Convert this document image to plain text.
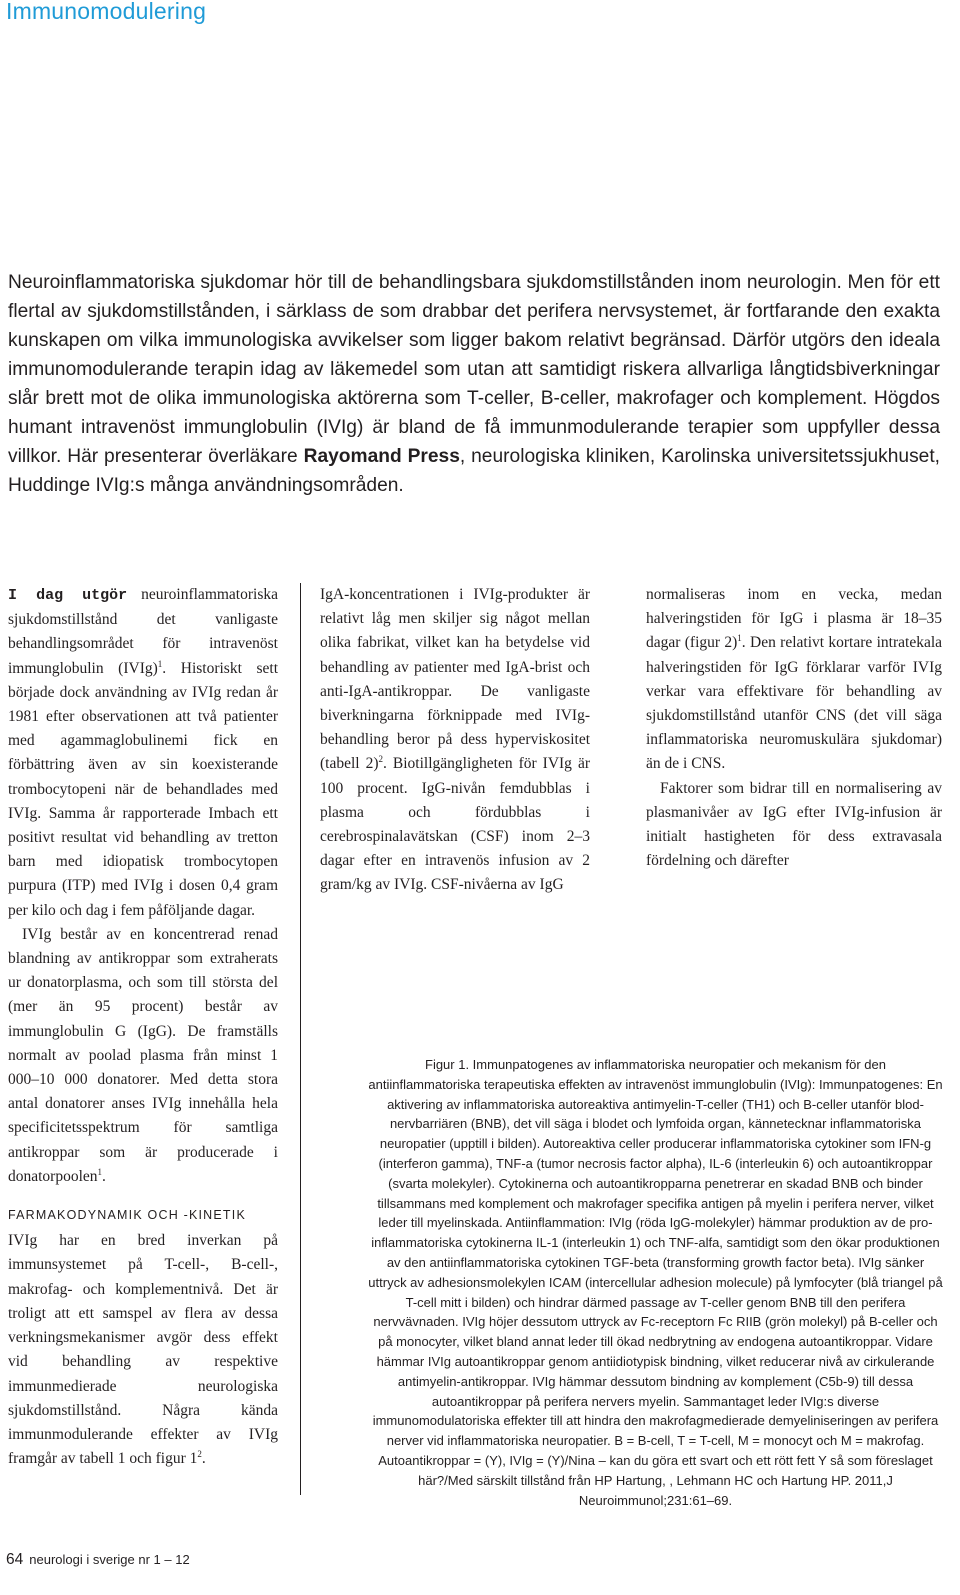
Immunomodulering

Neuroinflammatoriska sjukdomar hör till de behandlingsbara sjukdomstillstånden inom neurologin. Men för ett flertal av sjukdomstillstånden, i särklass de som drabbar det perifera nervsystemet, är fortfarande den exakta kunskapen om vilka immunologiska avvikelser som ligger bakom relativt begränsad. Därför utgörs den ideala immunomodulerande terapin idag av läkemedel som utan att samtidigt riskera allvarliga långtidsbiverkningar slår brett mot de olika immunologiska aktörerna som T-celler, B-celler, makrofager och komplement. Högdos humant intravenöst immunglobulin (IVIg) är bland de få immunmodulerande terapier som uppfyller dessa villkor. Här presenterar överläkare Rayomand Press, neurologiska kliniken, Karolinska universitetssjukhuset, Huddinge IVIg:s många användningsområden.

I dag utgör neuroinflammatoriska sjukdomstillstånd det vanligaste behandlingsområdet för intravenöst immunglobulin (IVIg)$^1$. Historiskt sett började dock användning av IVIg redan år 1981 efter observationen att två patienter med agammaglobulinemi fick en förbättring även av sin koexisterande trombocytopeni när de behandlades med IVIg. Samma år rapporterade Imbach ett positivt resultat vid behandling av tretton barn med idiopatisk trombocytopen purpura (ITP) med IVIg i dosen 0,4 gram per kilo och dag i fem påföljande dagar.

IVIg består av en koncentrerad renad blandning av antikroppar som extraherats ur donatorplasma, och som till största del (mer än 95 procent) består av immunglobulin G (IgG). De framställs normalt av poolad plasma från minst 1 000–10 000 donatorer. Med detta stora antal donatorer anses IVIg innehålla hela specificitetsspektrum för samtliga antikroppar som är producerade i donatorpoolen$^1$.

FARMAKODYNAMIK OCH -KINETIK

IVIg har en bred inverkan på immunsystemet på T-cell-, B-cell-, makrofag- och komplementnivå. Det är troligt att ett samspel av flera av dessa verkningsmekanismer avgör dess effekt vid behandling av respektive immunmedierade neurologiska sjukdomstillstånd. Några kända immunmodulerande effekter av IVIg framgår av tabell 1 och figur $1^2$.

IgA-koncentrationen i IVIg-produkter är relativt låg men skiljer sig något mellan olika fabrikat, vilket kan ha betydelse vid behandling av patienter med IgA-brist och anti-IgA-antikroppar. De vanligaste biverkningarna förknippade med IVIg-behandling beror på dess hyperviskositet (tabell 2)$^2$. Biotillgängligheten för IVIg är 100 procent. IgG-nivån femdubblas i plasma och fördubblas i cerebrospinalavätskan (CSF) inom 2–3 dagar efter en intravenös infusion av 2 gram/kg av IVIg. CSF-nivåerna av IgG

normaliseras inom en vecka, medan halveringstiden för IgG i plasma är 18–35 dagar (figur 2)$^1$. Den relativt kortare intratekala halveringstiden för IgG förklarar varför IVIg verkar vara effektivare för behandling av sjukdomstillstånd utanför CNS (det vill säga inflammatoriska neuromuskulära sjukdomar) än de i CNS.

Faktorer som bidrar till en normalisering av plasmanivåer av IgG efter IVIg-infusion är initialt hastigheten för dess extravasala fördelning och därefter

Figur 1. Immunpatogenes av inflammatoriska neuropatier och mekanism för den antiinflammatoriska terapeutiska effekten av intravenöst immunglobulin (IVIg): Immunpatogenes: En aktivering av inflammatoriska autoreaktiva antimyelin-T-celler (TH1) och B-celler utanför blod-nervbarriären (BNB), det vill säga i blodet och lymfoida organ, kännetecknar inflammatoriska neuropatier (upptill i bilden). Autoreaktiva celler producerar inflammatoriska cytokiner som IFN-g (interferon gamma), TNF-a (tumor necrosis factor alpha), IL-6 (interleukin 6) och autoantikroppar (svarta molekyler). Cytokinerna och autoantikropparna penetrerar en skadad BNB och binder tillsammans med komplement och makrofager specifika antigen på myelin i perifera nerver, vilket leder till myelinskada. Antiinflammation: IVIg (röda IgG-molekyler) hämmar produktion av de pro-inflammatoriska cytokinerna IL-1 (interleukin 1) och TNF-alfa, samtidigt som den ökar produktionen av den antiinflammatoriska cytokinen TGF-beta (transforming growth factor beta). IVIg sänker uttryck av adhesionsmolekylen ICAM (intercellular adhesion molecule) på lymfocyter (blå triangel på T-cell mitt i bilden) och hindrar därmed passage av T-celler genom BNB till den perifera nervvävnaden. IVIg höjer dessutom uttryck av Fc-receptorn Fc RIIB (grön molekyl) på B-celler och på monocyter, vilket bland annat leder till ökad nedbrytning av endogena autoantikroppar. Vidare hämmar IVIg autoantikroppar genom antiidiotypisk bindning, vilket reducerar nivå av cirkulerande antimyelin-antikroppar. IVIg hämmar dessutom bindning av komplement (C5b-9) till dessa autoantikroppar på perifera nervers myelin. Sammantaget leder IVIg:s diverse immunomodulatoriska effekter till att hindra den makrofagmedierade demyeliniseringen av perifera nerver vid inflammatoriska neuropatier. B = B-cell, T = T-cell, M = monocyt och M = makrofag. Autoantikroppar = (Y), IVIg = (Y)/Nina – kan du göra ett svart och ett rött fett Y så som föreslaget här?/Med särskilt tillstånd från HP Hartung, , Lehmann HC och Hartung HP. 2011,J Neuroimmunol;231:61–69.

64 neurologi i sverige nr 1 – 12
